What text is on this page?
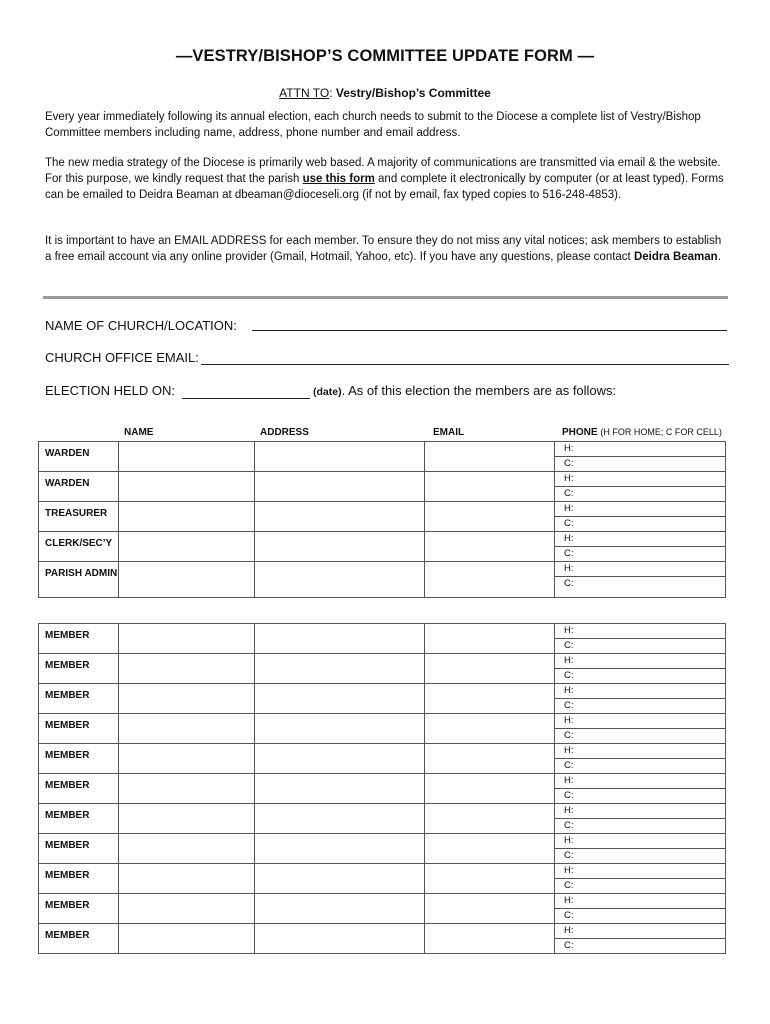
—VESTRY/BISHOP’S COMMITTEE UPDATE FORM —
ATTN TO: Vestry/Bishop’s Committee

Every year immediately following its annual election, each church needs to submit to the Diocese a complete list of Vestry/Bishop Committee members including name, address, phone number and email address.

The new media strategy of the Diocese is primarily web based. A majority of communications are transmitted via email & the website. For this purpose, we kindly request that the parish use this form and complete it electronically by computer (or at least typed). Forms can be emailed to Deidra Beaman at dbeaman@dioceseli.org (if not by email, fax typed copies to 516-248-4853).

It is important to have an EMAIL ADDRESS for each member. To ensure they do not miss any vital notices; ask members to establish a free email account via any online provider (Gmail, Hotmail, Yahoo, etc). If you have any questions, please contact Deidra Beaman.

NAME OF CHURCH/LOCATION:
CHURCH OFFICE EMAIL:
ELECTION HELD ON:	(date). As of this election the members are as follows:
NAME	ADDRESS	EMAIL	PHONE (H FOR HOME; C FOR CELL)
WARDEN				H:
C:

WARDEN				H:
C:

TREASURER				H:
C:

CLERK/SEC’Y				H:
C:

PARISH ADMIN				H:
C:
MEMBER				H:
C:

MEMBER				H:
C:

MEMBER				H:
C:

MEMBER				H:
C:

MEMBER				H:
C:

MEMBER				H:
C:

MEMBER				H:
C:

MEMBER				H:
C:

MEMBER				H:
C:

MEMBER				H:
C:

MEMBER				H:
C:
